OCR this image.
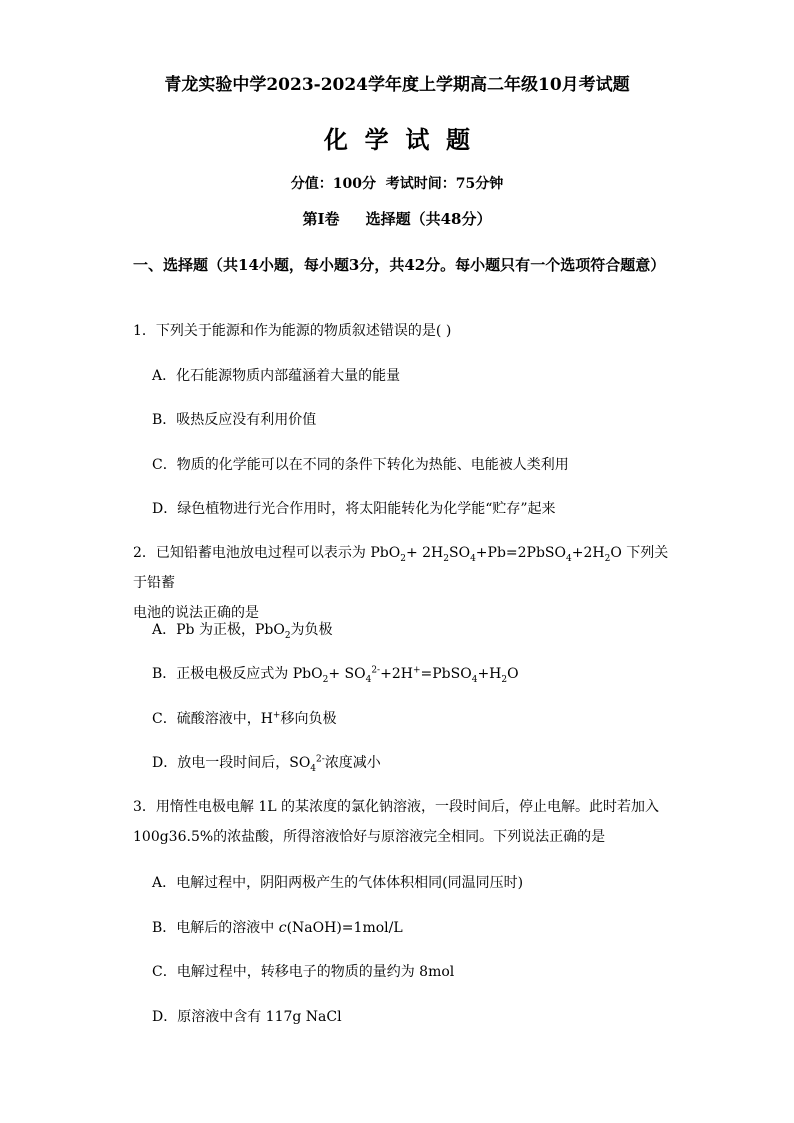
青龙实验中学2023-2024学年度上学期高二年级10月考试题
化  学  试  题
分值：100分  考试时间：75分钟
第Ⅰ卷     选择题（共48分）
一、选择题（共14小题，每小题3分，共42分。每小题只有一个选项符合题意）
1．下列关于能源和作为能源的物质叙述错误的是( )
A．化石能源物质内部蕴涵着大量的能量
B．吸热反应没有利用价值
C．物质的化学能可以在不同的条件下转化为热能、电能被人类利用
D．绿色植物进行光合作用时，将太阳能转化为化学能“贮存”起来
2．已知铅蓄电池放电过程可以表示为 $PbO_2+ 2H_2SO_4+Pb=2PbSO_4+2H_2O$ 下列关于铅蓄
电池的说法正确的是
A．Pb 为正极，PbO$_2$为负极
B．正极电极反应式为 $PbO_2+ SO_4^{2-}+2H^+=PbSO_4+H_2O$
C．硫酸溶液中，H+移向负极
D．放电一段时间后，$SO_4^{2-}$浓度减小
3．用惰性电极电解 1L 的某浓度的氯化钠溶液，一段时间后，停止电解。此时若加入
100g36.5%的浓盐酸，所得溶液恰好与原溶液完全相同。下列说法正确的是
A．电解过程中，阴阳两极产生的气体体积相同(同温同压时)
B．电解后的溶液中 c(NaOH)=1mol/L
C．电解过程中，转移电子的物质的量约为 8mol
D．原溶液中含有 117g NaCl
